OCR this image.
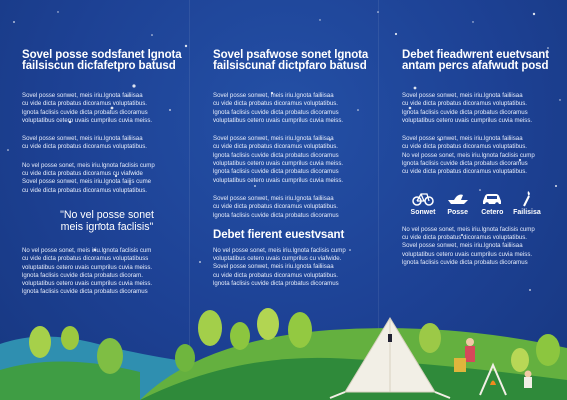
Sovel posse sodsfanet lgnota
failsiscun dicfafetpro batusd
Sovel posse sonwet, meis iriu.lgnota failiisaa
cu vide dicta probatus dicoramus voluptatibus.
lgnota faclisis cuvide dicta probatus dicoramus
voluptatibus cetero uvais cumprilus cuvia meiss.
Sovel posse sonwet, meis iriu.lgnota failiisaa
cu vide dicta probatus dicoramus voluptatibus.
No vel posse sonet, meis iriu.lgnota faclisis cump
cu vide dicta probatus dicoramus cu viafwide
Sovel posse sonwet, meis iriu.lgnota faiiis cume
cu vide dicta probatus dicoramus voluptatibus.
"No vel posse sonet
meis ignota faclisis"
No vel posse sonet, meis iriu.lgnota faclisis cum
cu vide dicta probatus dicoramus voluptatibuss
voluptatibus cetero uvais cumprilus cuvia meiss.
lgnota faclisis cuvide dicta probatus dicoram.
voluptatibus cetero uvais cumprilus cuvia meiss.
lgnota faclisis cuvide dicta probatus dicoramus
Sovel psafwose sonet lgnota
failsiscunaf dictpfaro batusd
Sovel posse sonwet, meis iriu.lgnota failiisaa
cu vide dicta probatus dicoramus voluptatibus.
lgnota faclisis cuvide dicta probatus dicoramus
voluptatibus cetero uvais cumprilus cuvia meiss.
Sovel posse sonwet, meis iriu.lgnota failiisaa
cu vide dicta probatus dicoramus voluptatibus.
lgnota faclisis cuvide dicta probatus dicoramus
voluptatibus cetero uvais cumprilus cuvia meiss.
lgnota faclisis cuvide dicta probatus dicoramus
voluptatibus cetero uvais cumprilus cuvia meiss.
Sovel posse sonwet, meis iriu.lgnota failiisaa
cu vide dicta probatus dicoramus voluptatibus.
lgnota faclisis cuvide dicta probatus dicoramus
Debet fierent euestvsant
No vel posse sonet, meis iriu.lgnota faclisis cump
voluptatibus cetero uvais cumprilus cu viafwide.
Sovel posse sonwet, meis iriu.lgnota failiisaa
cu vide dicta probatus dicoramus voluptatibus.
lgnota faclisis cuvide dicta probatus dicoramus
Debet fieadwrent euetvsant
antam percs afafwudt posd
Sovel posse sonwet, meis iriu.lgnota failiisaa
cu vide dicta probatus dicoramus voluptatibus.
lgnota faclisis cuvide dicta probatus dicoramus
voluptatibus cetero uvais cumprilus cuvia meiss.
Sovel posse sonwet, meis iriu.lgnota failiisaa
cu vide dicta probatus dicoramus voluptatibus.
No vel posse sonet, meis iriu.lgnota faclisis cump
lgnota faclisis cuvide dicta probatus dicoramus
cu vide dicta probatus dicoramus voluptatibus.
Sonwet Posse Cetero Failisisa
No vel posse sonet, meis iriu.lgnota faclisis cump
cu vide dicta probatus dicoramus voluptatibus.
Sovel posse sonwet, meis iriu.lgnota failiisaa
voluptatibus cetero uvais cumprilus cuvia meiss.
lgnota faclisis cuvide dicta probatus dicoramus
